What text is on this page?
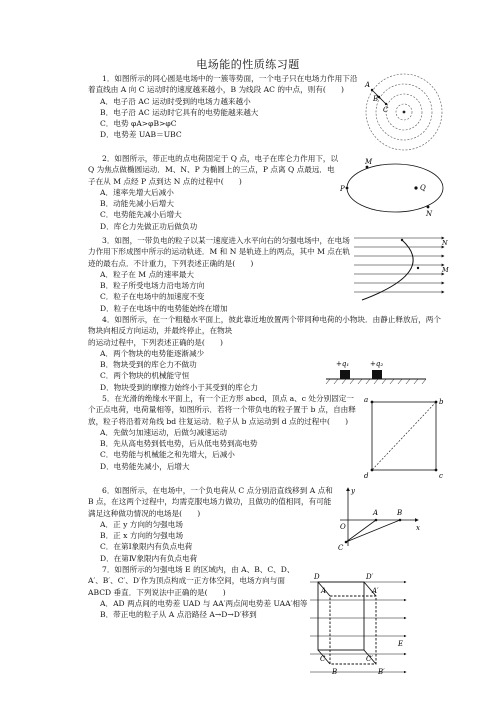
电场能的性质练习题
1．如图所示的同心圆是电场中的一簇等势面，一个电子只在电场力作用下沿着直线由 A 向 C 运动时的速度越来越小，B 为线段 AC 的中点，则有(　　)
A．电子沿 AC 运动时受到的电场力越来越小
B．电子沿 AC 运动时它具有的电势能越来越大
C．电势 φA>φB>φC
D．电势差 UAB＝UBC
A
B
C
2．如图所示，带正电的点电荷固定于 Q 点，电子在库仑力作用下，以 Q 为焦点做椭圆运动．M、N、P 为椭圆上的三点，P 点离 Q 点最远．电子在从 M 点经 P 点到达 N 点的过程中(　　)
A．速率先增大后减小
B．动能先减小后增大
C．电势能先减小后增大
D．库仑力先做正功后做负功
M
P	Q
N
3．如图，一带负电的粒子以某一速度进入水平向右的匀强电场中，在电场力作用下形成图中所示的运动轨迹．M 和 N 是轨迹上的两点，其中 M 点在轨迹的最右点．不计重力，下列表述正确的是(　　)
A．粒子在 M 点的速率最大
B．粒子所受电场力沿电场方向
C．粒子在电场中的加速度不变
D．粒子在电场中的电势能始终在增加
N
M
4．如图所示，在一个粗糙水平面上，彼此靠近地放置两个带同种电荷的小物块．由静止释放后，两个物块向相反方向运动，并最终停止，在物块
的运动过程中，下列表述正确的是(　　)
A．两个物块的电势能逐渐减少
B．物块受到的库仑力不做功
C．两个物块的机械能守恒
D．物块受到的摩擦力始终小于其受到的库仑力
+q₁	+q₂
5．在光滑的绝缘水平面上，有一个正方形 abcd，顶点 a、c 处分别固定一个正点电荷，电荷量相等，如图所示．若将一个带负电的粒子置于 b 点，自由释放，粒子将沿着对角线 bd 往复运动．粒子从 b 点运动到 d 点的过程中(　　)
A．先做匀加速运动，后做匀减速运动
B．先从高电势到低电势，后从低电势到高电势
C．电势能与机械能之和先增大，后减小
D．电势能先减小，后增大
a	b
c
d
6．如图所示，在电场中，一个负电荷从 C 点分别沿直线移到 A 点和 B 点，在这两个过程中，均需克服电场力做功，且做功的值相同，有可能满足这种做功情况的电场是(　　)
A．正 y 方向的匀强电场
B．正 x 方向的匀强电场
C．在第Ⅰ象限内有负点电荷
D．在第Ⅳ象限内有负点电荷
y
A	B
x
O
C
7．如图所示的匀强电场 E 的区域内，由 A、B、C、D、A′、B′、C′、D′作为顶点构成一正方体空间，电场方向与面 ABCD 垂直．下列说法中正确的是(　　)
A．AD 两点间的电势差 UAD 与 AA′两点间电势差 UAA′相等
B．带正电的粒子从 A 点沿路径 A→D→D′移到
D	D′
A	A′
E
C	C′
B	B′
